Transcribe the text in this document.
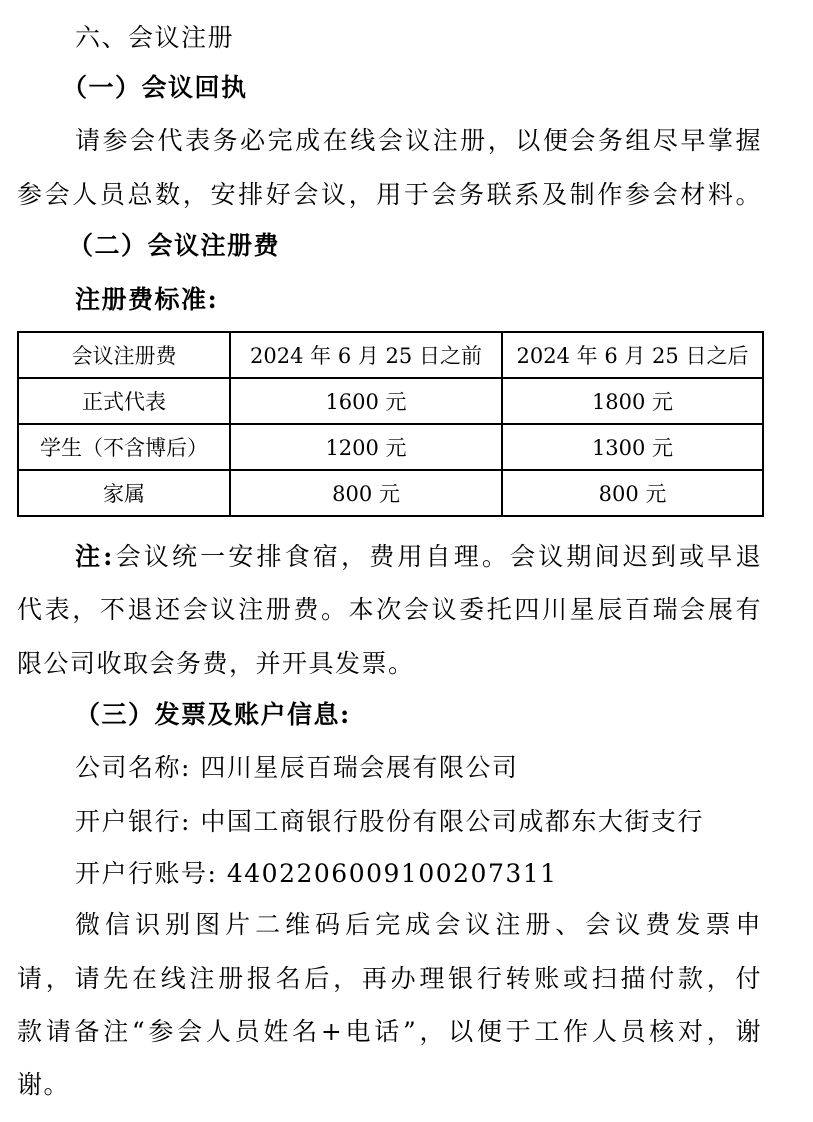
六、会议注册
（一）会议回执
请参会代表务必完成在线会议注册，以便会务组尽早掌握
参会人员总数，安排好会议，用于会务联系及制作参会材料。
（二）会议注册费
注册费标准:
会议注册费	2024 年 6 月 25 日之前	2024 年 6 月 25 日之后
正式代表	1600 元	1800 元
学生（不含博后）	1200 元	1300 元
家属	800 元	800 元
注:会议统一安排食宿，费用自理。会议期间迟到或早退
代表，不退还会议注册费。本次会议委托四川星辰百瑞会展有
限公司收取会务费，并开具发票。
（三）发票及账户信息:
公司名称: 四川星辰百瑞会展有限公司
开户银行: 中国工商银行股份有限公司成都东大街支行
开户行账号: 4402206009100207311
微信识别图片二维码后完成会议注册、会议费发票申
请，请先在线注册报名后，再办理银行转账或扫描付款，付
款请备注“参会人员姓名+电话”，以便于工作人员核对，谢
谢。
